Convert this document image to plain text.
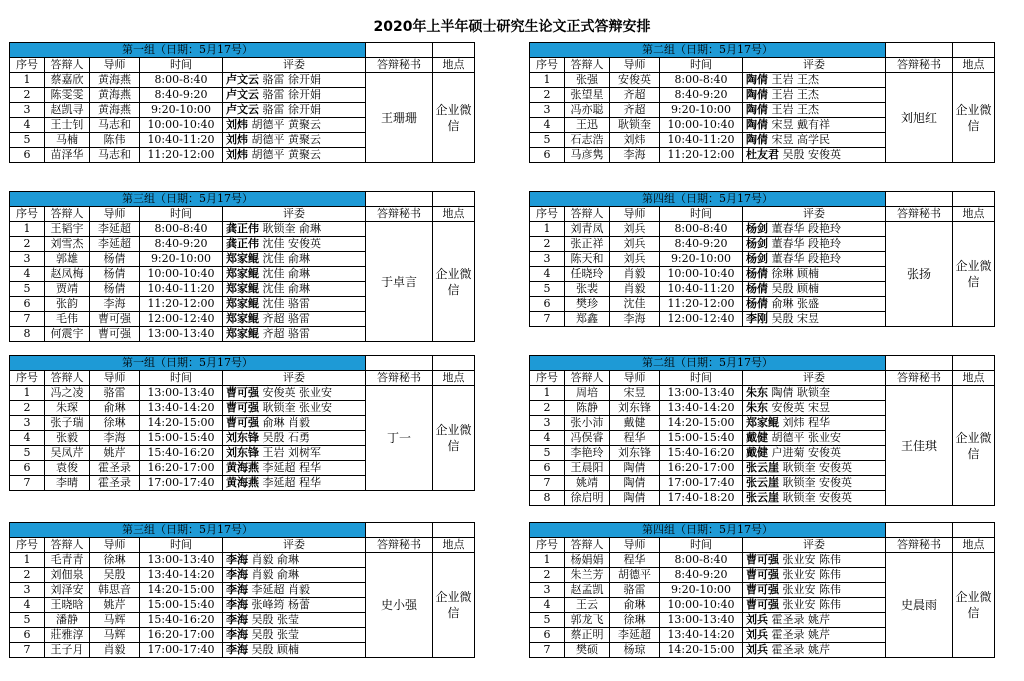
2020年上半年硕士研究生论文正式答辩安排
第一组（日期：5月17号）						
序号	答辩人	导师	时间	评委	答辩秘书	地点
1	蔡嘉欣	黄海燕	8:00-8:40	卢文云 骆雷 徐开娟	王珊珊	企业微信
2	陈雯雯	黄海燕	8:40-9:20	卢文云 骆雷 徐开娟		
3	赵凯寻	黄海燕	9:20-10:00	卢文云 骆雷 徐开娟		
4	王士钊	马志和	10:00-10:40	刘炜 胡德平 黄聚云		
5	马楠	陈伟	10:40-11:20	刘炜 胡德平 黄聚云		
6	苗泽华	马志和	11:20-12:00	刘炜 胡德平 黄聚云		
第二组（日期：5月17号）						
序号	答辩人	导师	时间	评委	答辩秘书	地点
1	张强	安俊英	8:00-8:40	陶倩 王岩 王杰	刘旭红	企业微信
2	张望星	齐超	8:40-9:20	陶倩 王岩 王杰		
3	冯亦聪	齐超	9:20-10:00	陶倩 王岩 王杰		
4	王迅	耿锁奎	10:00-10:40	陶倩 宋昱 戴有祥		
5	石志浩	刘炜	10:40-11:20	陶倩 宋昱 高学民		
6	马彦隽	李海	11:20-12:00	杜友君 吴殷 安俊英		
第三组（日期：5月17号）						
序号	答辩人	导师	时间	评委	答辩秘书	地点
1	王韬宇	李延超	8:00-8:40	龚正伟 耿锁奎 俞琳	于卓言	企业微信
2	刘雪杰	李延超	8:40-9:20	龚正伟 沈佳 安俊英		
3	郭雄	杨倩	9:20-10:00	郑家鲲 沈佳 俞琳		
4	赵凤梅	杨倩	10:00-10:40	郑家鲲 沈佳 俞琳		
5	贾靖	杨倩	10:40-11:20	郑家鲲 沈佳 俞琳		
6	张韵	李海	11:20-12:00	郑家鲲 沈佳 骆雷		
7	毛伟	曹可强	12:00-12:40	郑家鲲 齐超 骆雷		
8	何震宇	曹可强	13:00-13:40	郑家鲲 齐超 骆雷		
第四组（日期：5月17号）						
序号	答辩人	导师	时间	评委	答辩秘书	地点
1	刘青凤	刘兵	8:00-8:40	杨剑 董春华 段艳玲	张扬	企业微信
2	张正祥	刘兵	8:40-9:20	杨剑 董春华 段艳玲		
3	陈天和	刘兵	9:20-10:00	杨剑 董春华 段艳玲		
4	任晓玲	肖毅	10:00-10:40	杨倩 徐琳 顾楠		
5	张裴	肖毅	10:40-11:20	杨倩 吴殷 顾楠		
6	樊珍	沈佳	11:20-12:00	杨倩 俞琳 张盛		
7	郑鑫	李海	12:00-12:40	李刚 吴殷 宋昱		
第一组（日期：5月17号）						
序号	答辩人	导师	时间	评委	答辩秘书	地点
1	冯之凌	骆雷	13:00-13:40	曹可强 安俊英 张业安	丁一	企业微信
2	朱琛	俞琳	13:40-14:20	曹可强 耿锁奎 张业安		
3	张子瑞	徐琳	14:20-15:00	曹可强 俞琳 肖毅		
4	张毅	李海	15:00-15:40	刘东锋 吴殷 石勇		
5	吴凤芹	姚芹	15:40-16:20	刘东锋 王岩 刘树军		
6	袁俊	霍圣录	16:20-17:00	黄海燕 李延超 程华		
7	李晴	霍圣录	17:00-17:40	黄海燕 李延超 程华		
第二组（日期：5月17号）						
序号	答辩人	导师	时间	评委	答辩秘书	地点
1	周培	宋昱	13:00-13:40	朱东 陶倩 耿锁奎	王佳琪	企业微信
2	陈静	刘东锋	13:40-14:20	朱东 安俊英 宋昱		
3	张小沛	戴健	14:20-15:00	郑家鲲 刘炜 程华		
4	冯俣睿	程华	15:00-15:40	戴健 胡德平 张业安		
5	李艳玲	刘东锋	15:40-16:20	戴健 户进菊 安俊英		
6	王晨阳	陶倩	16:20-17:00	张云崖 耿锁奎 安俊英		
7	姚靖	陶倩	17:00-17:40	张云崖 耿锁奎 安俊英		
8	徐启明	陶倩	17:40-18:20	张云崖 耿锁奎 安俊英		
第三组（日期：5月17号）						
序号	答辩人	导师	时间	评委	答辩秘书	地点
1	毛青青	徐琳	13:00-13:40	李海 肖毅 俞琳	史小强	企业微信
2	刘佃泉	吴殷	13:40-14:20	李海 肖毅 俞琳		
3	刘泽安	韩思音	14:20-15:00	李海 李延超 肖毅		
4	王晓晗	姚芹	15:00-15:40	李海 张峰筠 杨蕾		
5	潘静	马辉	15:40-16:20	李海 吴殷 张莹		
6	莊雅淳	马辉	16:20-17:00	李海 吴殷 张莹		
7	王子月	肖毅	17:00-17:40	李海 吴殷 顾楠		
第四组（日期：5月17号）						
序号	答辩人	导师	时间	评委	答辩秘书	地点
1	杨娟娟	程华	8:00-8:40	曹可强 张业安 陈伟	史晨雨	企业微信
2	朱兰芳	胡德平	8:40-9:20	曹可强 张业安 陈伟		
3	赵孟凯	骆雷	9:20-10:00	曹可强 张业安 陈伟		
4	王云	俞琳	10:00-10:40	曹可强 张业安 陈伟		
5	郭龙飞	徐琳	13:00-13:40	刘兵 霍圣录 姚芹		
6	蔡正明	李延超	13:40-14:20	刘兵 霍圣录 姚芹		
7	樊硕	杨琼	14:20-15:00	刘兵 霍圣录 姚芹		
